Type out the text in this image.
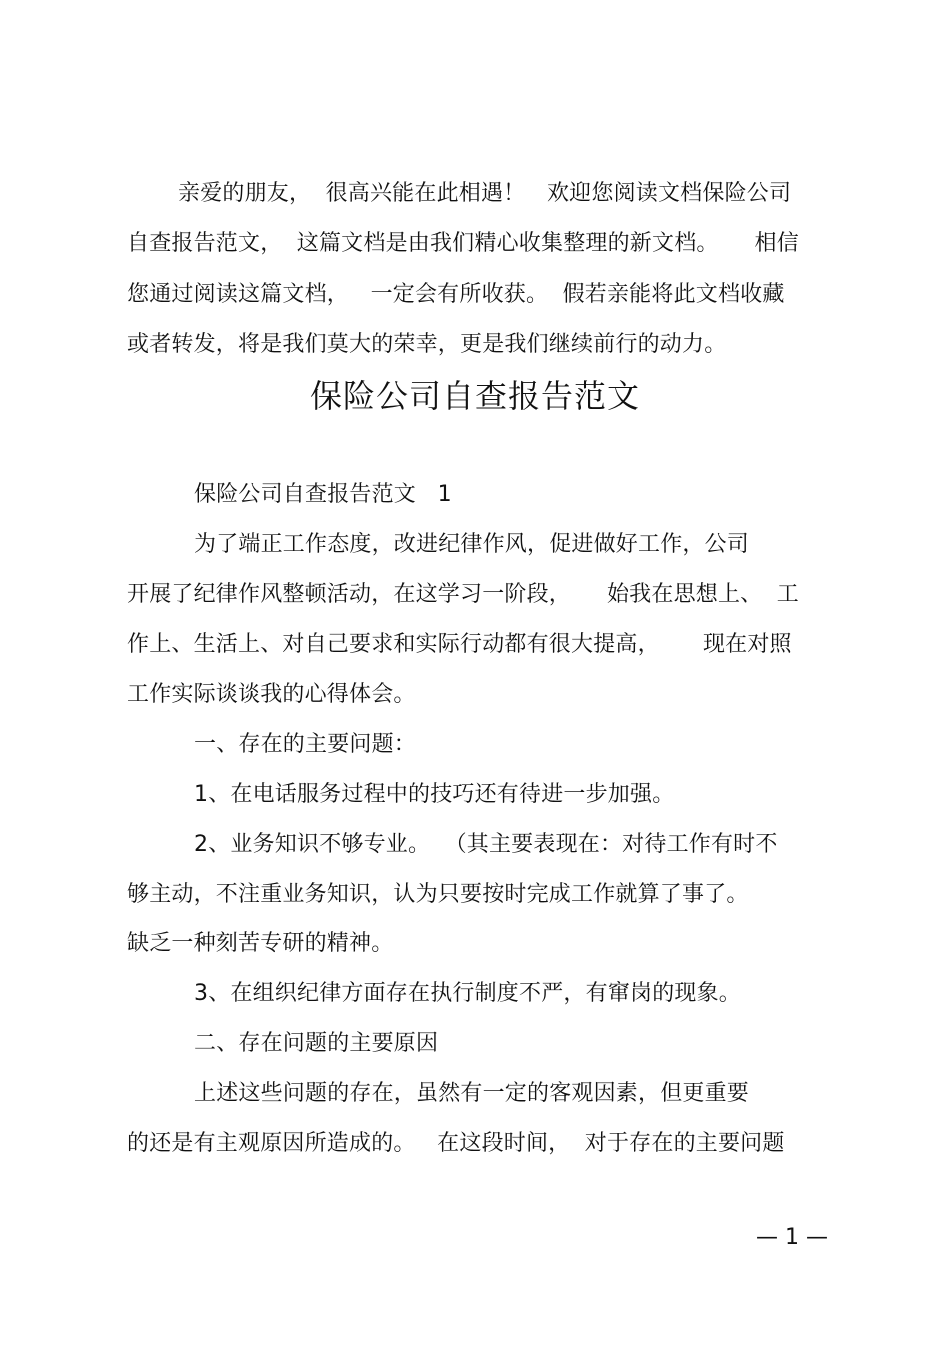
亲爱的朋友，  很高兴能在此相遇！   欢迎您阅读文档保险公司
自查报告范文，  这篇文档是由我们精心收集整理的新文档。     相信
您通过阅读这篇文档，   一定会有所收获。  假若亲能将此文档收藏
或者转发，将是我们莫大的荣幸，更是我们继续前行的动力。
保险公司自查报告范文
保险公司自查报告范文   1
为了端正工作态度，改进纪律作风，促进做好工作，公司
开展了纪律作风整顿活动，在这学习一阶段，     始我在思想上、  工
作上、生活上、对自己要求和实际行动都有很大提高，      现在对照
工作实际谈谈我的心得体会。
一、存在的主要问题：
1、在电话服务过程中的技巧还有待进一步加强。
2、业务知识不够专业。  （其主要表现在：对待工作有时不
够主动，不注重业务知识，认为只要按时完成工作就算了事了。
缺乏一种刻苦专研的精神。
3、在组织纪律方面存在执行制度不严，有窜岗的现象。
二、存在问题的主要原因
上述这些问题的存在，虽然有一定的客观因素，但更重要
的还是有主观原因所造成的。   在这段时间，  对于存在的主要问题
— 1 —
